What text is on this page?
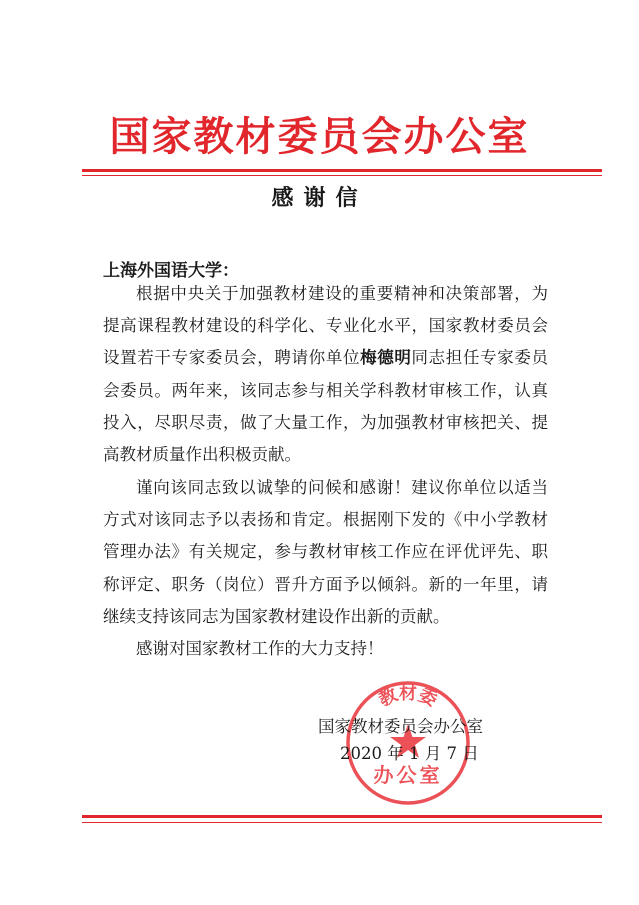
国家教材委员会办公室
感谢信
上海外国语大学：
根据中央关于加强教材建设的重要精神和决策部署，为提高课程教材建设的科学化、专业化水平，国家教材委员会设置若干专家委员会，聘请你单位梅德明同志担任专家委员会委员。两年来，该同志参与相关学科教材审核工作，认真投入，尽职尽责，做了大量工作，为加强教材审核把关、提高教材质量作出积极贡献。
谨向该同志致以诚挚的问候和感谢！建议你单位以适当方式对该同志予以表扬和肯定。根据刚下发的《中小学教材管理办法》有关规定，参与教材审核工作应在评优评先、职称评定、职务（岗位）晋升方面予以倾斜。新的一年里，请继续支持该同志为国家教材建设作出新的贡献。
感谢对国家教材工作的大力支持！
教材委
办公室
国家教材委员会办公室
2020 年 1 月 7 日
